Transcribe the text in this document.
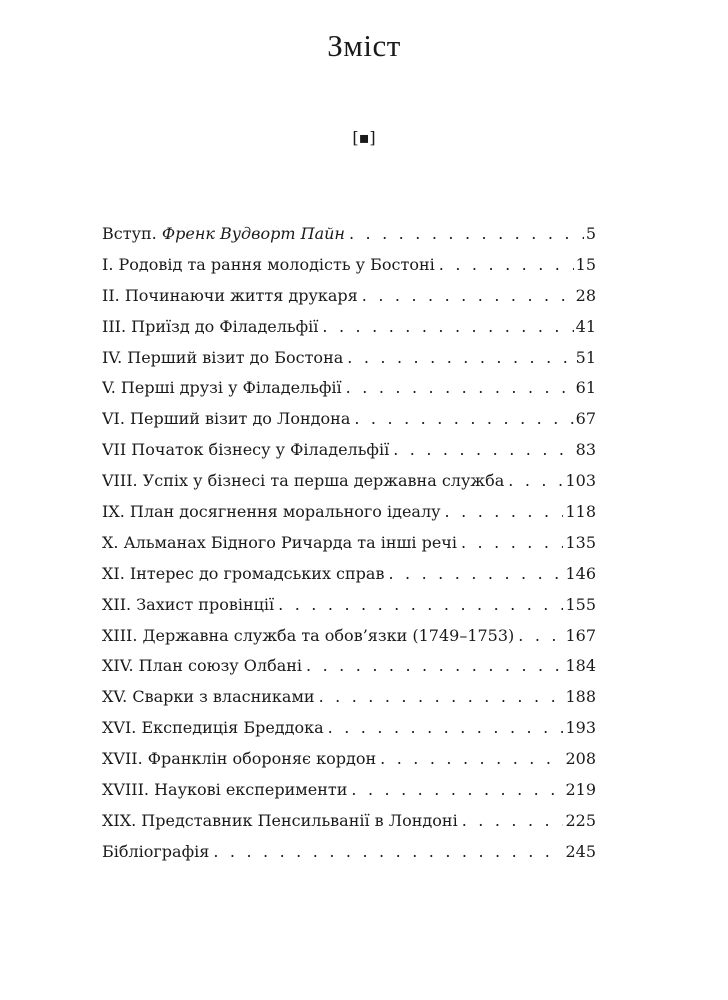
Зміст
[▪]
Вступ. Френк Вудворт Пайн . . .	5
І. Родовід та рання молодість у Бостоні . . .	15
ІІ. Починаючи життя друкаря . . .	28
ІІІ. Приїзд до Філадельфії . . .	41
ІV. Перший візит до Бостона . . .	51
V. Перші друзі у Філадельфії . . .	61
VІ. Перший візит до Лондона . . .	67
VІІ Початок бізнесу у Філадельфії . . .	83
VІІІ. Успіх у бізнесі та перша державна служба . . .	103
ІХ. План досягнення морального ідеалу . . .	118
Х. Альманах Бідного Ричарда та інші речі . . .	135
ХІ. Інтерес до громадських справ . . .	146
ХІІ. Захист провінції . . .	155
ХІІІ. Державна служба та обов’язки (1749–1753) . . .	167
ХІV. План союзу Олбані . . .	184
ХV. Сварки з власниками . . .	188
ХVІ. Експедиція Бреддока . . .	193
ХVІІ. Франклін обороняє кордон . . .	208
ХVІІІ. Наукові експерименти . . .	219
ХІХ. Представник Пенсильванії в Лондоні . . .	225
Бібліографія . . .	245
